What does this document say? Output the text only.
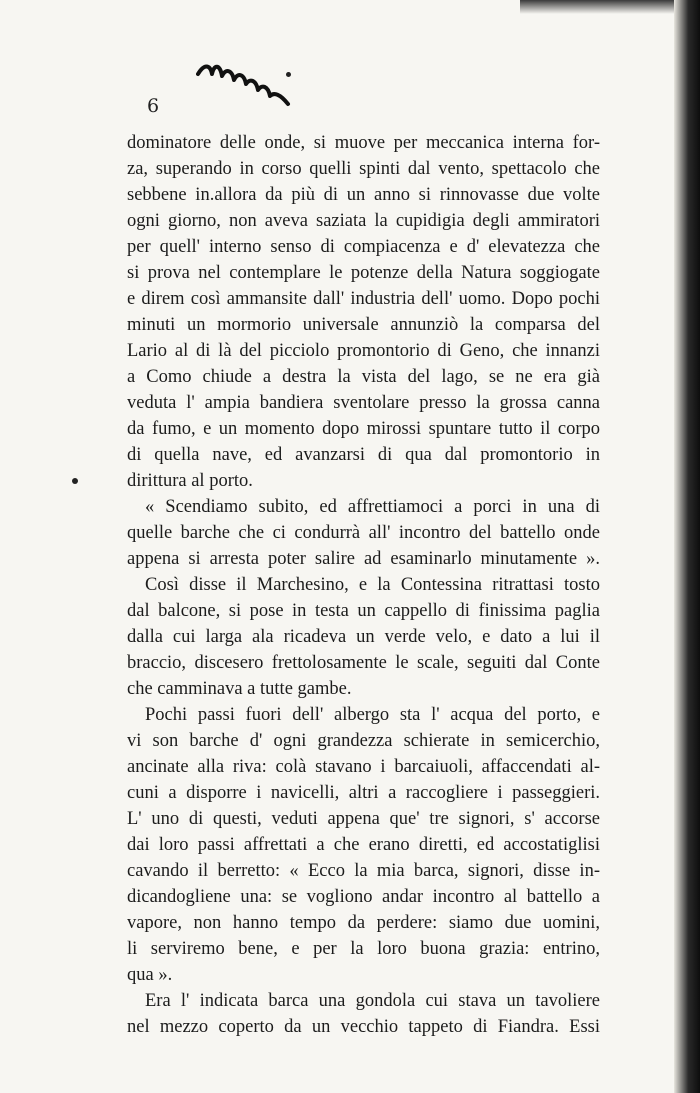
6
dominatore delle onde, si muove per meccanica interna for-
za, superando in corso quelli spinti dal vento, spettacolo che
sebbene in.allora da più di un anno si rinnovasse due volte
ogni giorno, non aveva saziata la cupidigia degli ammiratori
per quell' interno senso di compiacenza e d' elevatezza che
si prova nel contemplare le potenze della Natura soggiogate
e direm così ammansite dall' industria dell' uomo. Dopo pochi
minuti un mormorio universale annunziò la comparsa del
Lario al di là del picciolo promontorio di Geno, che innanzi
a Como chiude a destra la vista del lago, se ne era già
veduta l' ampia bandiera sventolare presso la grossa canna
da fumo, e un momento dopo mirossi spuntare tutto il corpo
di quella nave, ed avanzarsi di qua dal promontorio in
dirittura al porto.
« Scendiamo subito, ed affrettiamoci a porci in una di
quelle barche che ci condurrà all' incontro del battello onde
appena si arresta poter salire ad esaminarlo minutamente ».
Così disse il Marchesino, e la Contessina ritrattasi tosto
dal balcone, si pose in testa un cappello di finissima paglia
dalla cui larga ala ricadeva un verde velo, e dato a lui il
braccio, discesero frettolosamente le scale, seguiti dal Conte
che camminava a tutte gambe.
Pochi passi fuori dell' albergo sta l' acqua del porto, e
vi son barche d' ogni grandezza schierate in semicerchio,
ancinate alla riva: colà stavano i barcaiuoli, affaccendati al-
cuni a disporre i navicelli, altri a raccogliere i passeggieri.
L' uno di questi, veduti appena que' tre signori, s' accorse
dai loro passi affrettati a che erano diretti, ed accostatiglisi
cavando il berretto: « Ecco la mia barca, signori, disse in-
dicandogliene una: se vogliono andar incontro al battello a
vapore, non hanno tempo da perdere: siamo due uomini,
li serviremo bene, e per la loro buona grazia: entrino,
qua ».
Era l' indicata barca una gondola cui stava un tavoliere
nel mezzo coperto da un vecchio tappeto di Fiandra. Essi
